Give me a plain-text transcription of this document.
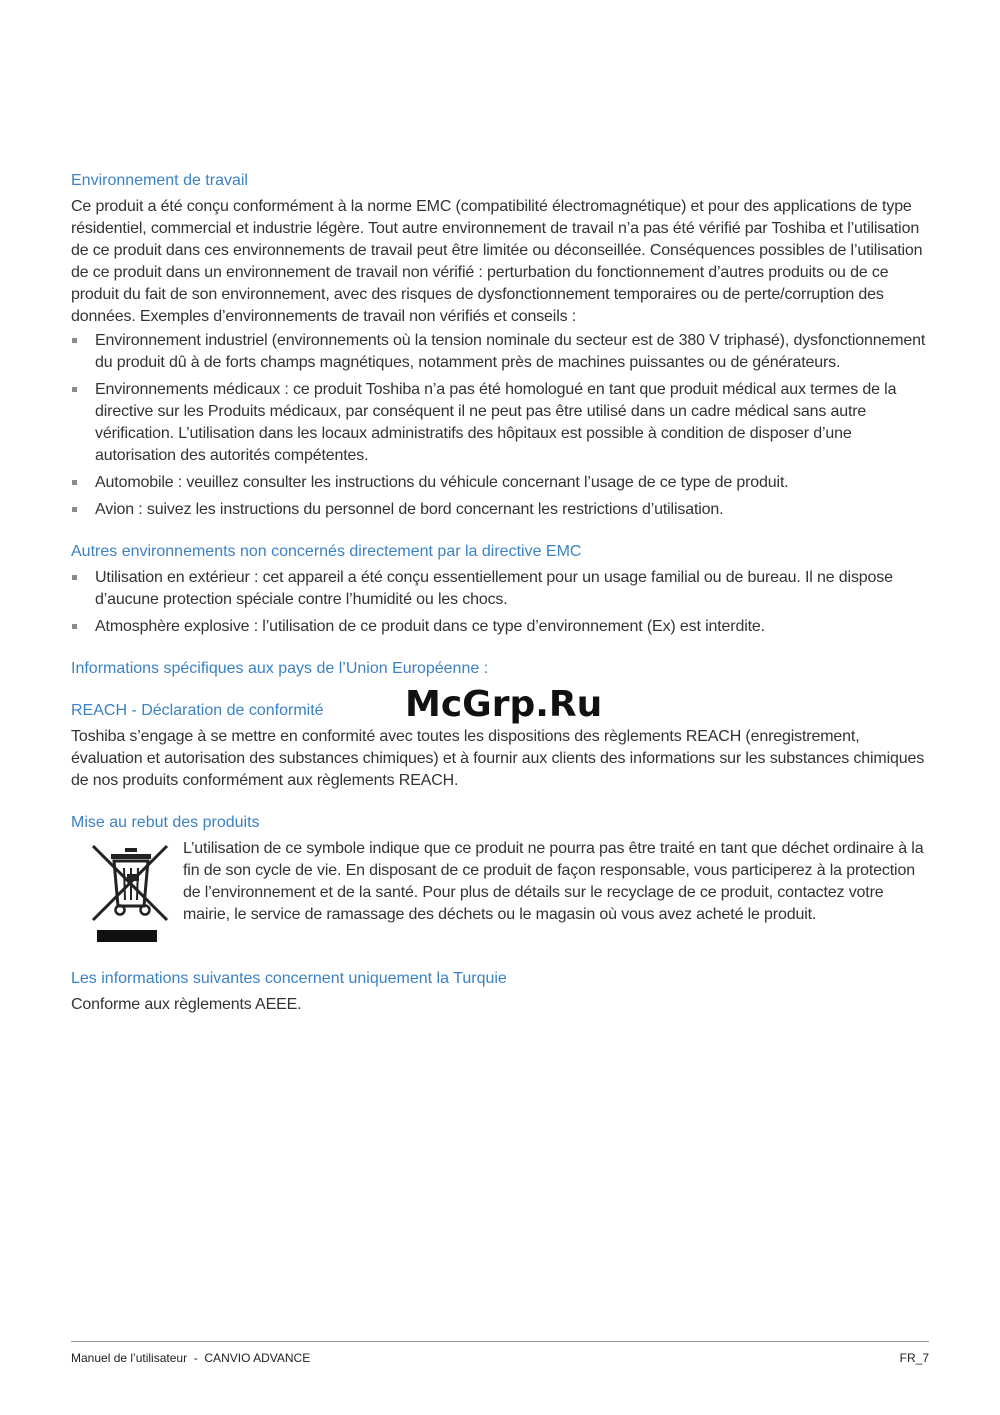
Environnement de travail

Ce produit a été conçu conformément à la norme EMC (compatibilité électromagnétique) et pour des applications de type résidentiel, commercial et industrie légère. Tout autre environnement de travail n’a pas été vérifié par Toshiba et l’utilisation de ce produit dans ces environnements de travail peut être limitée ou déconseillée. Conséquences possibles de l’utilisation de ce produit dans un environnement de travail non vérifié : perturbation du fonctionnement d’autres produits ou de ce produit du fait de son environnement, avec des risques de dysfonctionnement temporaires ou de perte/corruption des données. Exemples d’environnements de travail non vérifiés et conseils :

Environnement industriel (environnements où la tension nominale du secteur est de 380 V triphasé), dysfonctionnement du produit dû à de forts champs magnétiques, notamment près de machines puissantes ou de générateurs.
Environnements médicaux : ce produit Toshiba n’a pas été homologué en tant que produit médical aux termes de la directive sur les Produits médicaux, par conséquent il ne peut pas être utilisé dans un cadre médical sans autre vérification. L’utilisation dans les locaux administratifs des hôpitaux est possible à condition de disposer d’une autorisation des autorités compétentes.
Automobile : veuillez consulter les instructions du véhicule concernant l’usage de ce type de produit.
Avion : suivez les instructions du personnel de bord concernant les restrictions d’utilisation.
Autres environnements non concernés directement par la directive EMC
Utilisation en extérieur : cet appareil a été conçu essentiellement pour un usage familial ou de bureau. Il ne dispose d’aucune protection spéciale contre l’humidité ou les chocs.
Atmosphère explosive : l’utilisation de ce produit dans ce type d’environnement (Ex) est interdite.
Informations spécifiques aux pays de l’Union Européenne :
REACH - Déclaration de conformité

Toshiba s’engage à se mettre en conformité avec toutes les dispositions des règlements REACH (enregistrement, évaluation et autorisation des substances chimiques) et à fournir aux clients des informations sur les substances chimiques de nos produits conformément aux règlements REACH.

Mise au rebut des produits

L’utilisation de ce symbole indique que ce produit ne pourra pas être traité en tant que déchet ordinaire à la fin de son cycle de vie. En disposant de ce produit de façon responsable, vous participerez à la protection de l’environnement et de la santé. Pour plus de détails sur le recyclage de ce produit, contactez votre mairie, le service de ramassage des déchets ou le magasin où vous avez acheté le produit.

Les informations suivantes concernent uniquement la Turquie

Conforme aux règlements AEEE.

McGrp.Ru
Manuel de l’utilisateur  -  CANVIO ADVANCE	FR_7
